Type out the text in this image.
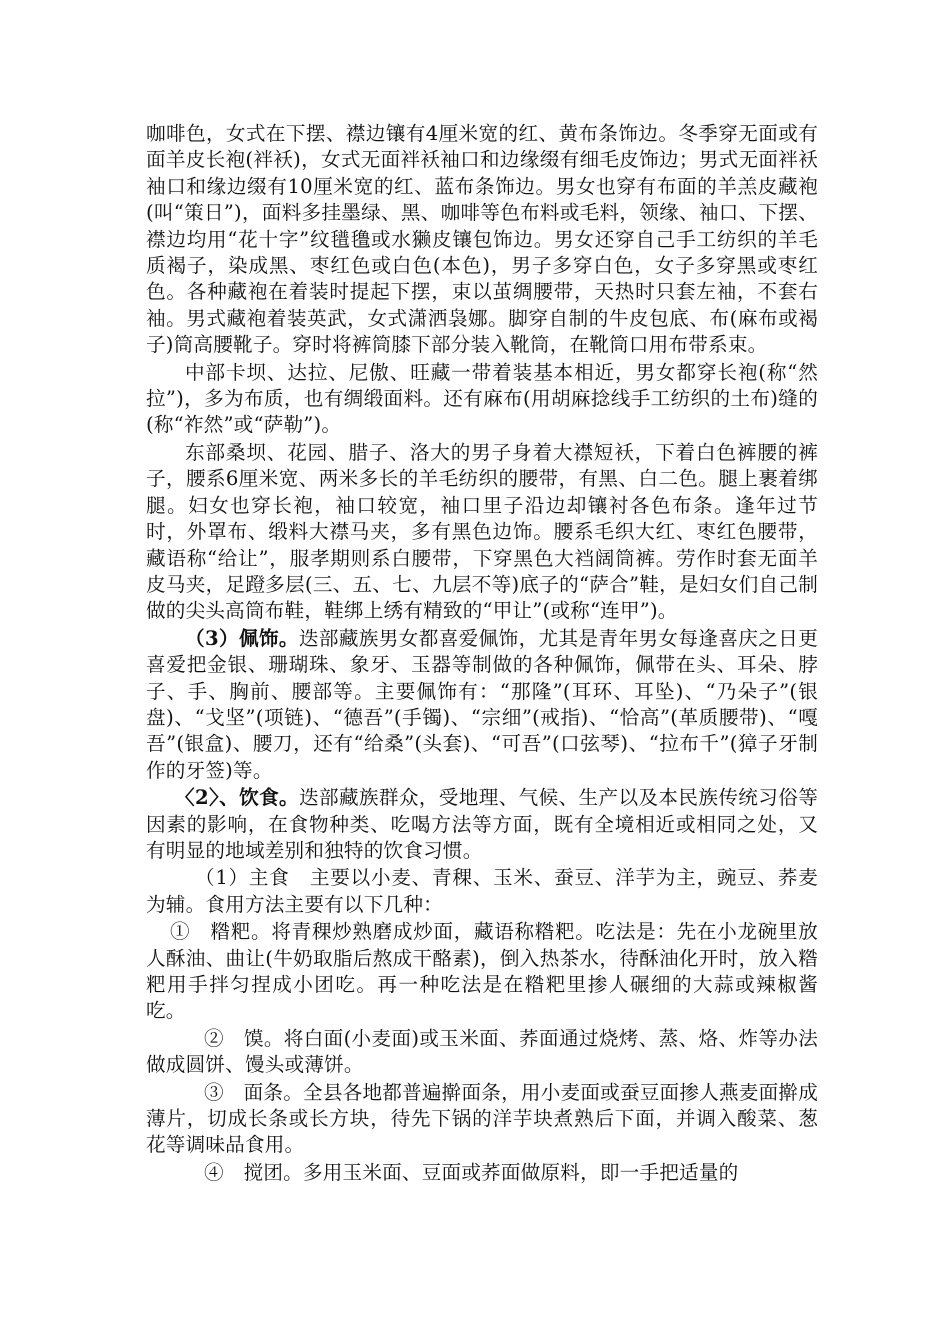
咖啡色，女式在下摆、襟边镶有4厘米宽的红、黄布条饰边。冬季穿无面或有面羊皮长袍(袢袄)，女式无面袢袄袖口和边缘缀有细毛皮饰边；男式无面袢袄袖口和缘边缀有10厘米宽的红、蓝布条饰边。男女也穿有布面的羊羔皮藏袍(叫“策日”)，面料多挂墨绿、黑、咖啡等色布料或毛料，领缘、袖口、下摆、襟边均用“花十字”纹氆氇或水獭皮镶包饰边。男女还穿自己手工纺织的羊毛质褐子，染成黑、枣红色或白色(本色)，男子多穿白色，女子多穿黑或枣红色。各种藏袍在着装时提起下摆，束以茧绸腰带，天热时只套左袖，不套右袖。男式藏袍着装英武，女式潇洒袅娜。脚穿自制的牛皮包底、布(麻布或褐子)筒高腰靴子。穿时将裤筒膝下部分装入靴筒，在靴筒口用布带系束。

中部卡坝、达拉、尼傲、旺藏一带着装基本相近，男女都穿长袍(称“然拉”)，多为布质，也有绸缎面料。还有麻布(用胡麻捻线手工纺织的土布)缝的(称“祚然”或“萨勒”)。

东部桑坝、花园、腊子、洛大的男子身着大襟短袄，下着白色裤腰的裤子，腰系6厘米宽、两米多长的羊毛纺织的腰带，有黑、白二色。腿上裹着绑腿。妇女也穿长袍，袖口较宽，袖口里子沿边却镶衬各色布条。逢年过节时，外罩布、缎料大襟马夹，多有黑色边饰。腰系毛织大红、枣红色腰带，藏语称“给让”，服孝期则系白腰带，下穿黑色大裆阔筒裤。劳作时套无面羊皮马夹，足蹬多层(三、五、七、九层不等)底子的“萨合”鞋，是妇女们自己制做的尖头高筒布鞋，鞋绑上绣有精致的“甲让”(或称“连甲”)。

（3）佩饰。迭部藏族男女都喜爱佩饰，尤其是青年男女每逢喜庆之日更喜爱把金银、珊瑚珠、象牙、玉器等制做的各种佩饰，佩带在头、耳朵、脖子、手、胸前、腰部等。主要佩饰有：“那隆”(耳环、耳坠)、“乃朵子”(银盘)、“戈坚”(项链)、“德吾”(手镯)、“宗细”(戒指)、“恰高”(革质腰带)、“嘎吾”(银盒)、腰刀，还有“给桑”(头套)、“可吾”(口弦琴)、“拉布千”(獐子牙制作的牙签)等。

〈2〉、饮食。迭部藏族群众，受地理、气候、生产以及本民族传统习俗等因素的影响，在食物种类、吃喝方法等方面，既有全境相近或相同之处，又有明显的地域差别和独特的饮食习惯。

（1）主食　主要以小麦、青稞、玉米、蚕豆、洋芋为主，豌豆、荞麦为辅。食用方法主要有以下几种：

①　糌粑。将青稞炒熟磨成炒面，藏语称糌粑。吃法是：先在小龙碗里放人酥油、曲让(牛奶取脂后熬成干酪素)，倒入热茶水，待酥油化开时，放入糌粑用手拌匀捏成小团吃。再一种吃法是在糌粑里掺人碾细的大蒜或辣椒酱吃。

②　馍。将白面(小麦面)或玉米面、荞面通过烧烤、蒸、烙、炸等办法做成圆饼、馒头或薄饼。

③　面条。全县各地都普遍擀面条，用小麦面或蚕豆面掺人燕麦面擀成薄片，切成长条或长方块，待先下锅的洋芋块煮熟后下面，并调入酸菜、葱花等调味品食用。

④　搅团。多用玉米面、豆面或荞面做原料，即一手把适量的
